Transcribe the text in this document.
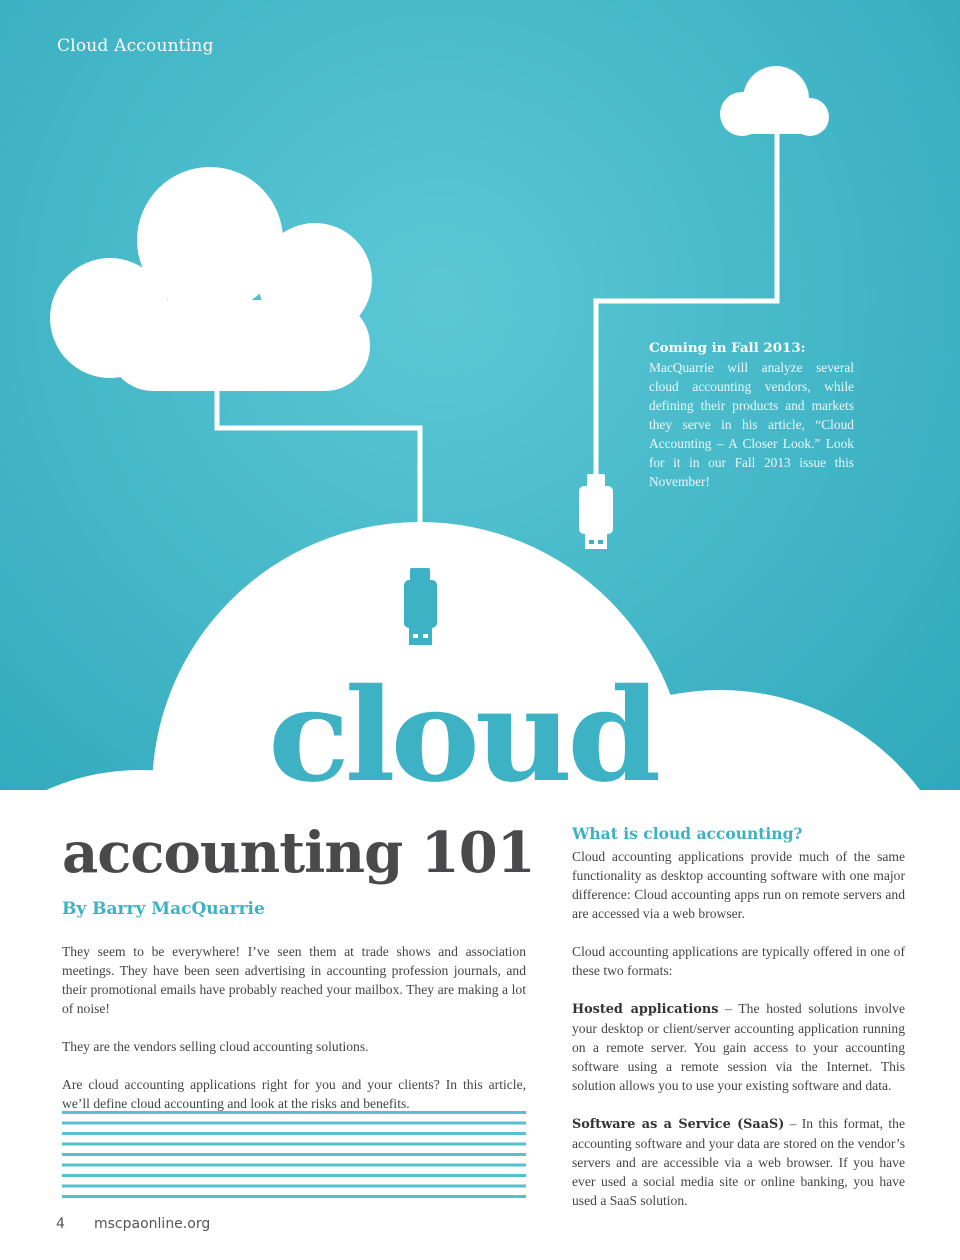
Cloud Accounting
Coming in Fall 2013:
MacQuarrie will analyze several cloud accounting vendors, while defining their products and markets they serve in his article, “Cloud Accounting – A Closer Look.” Look for it in our Fall 2013 issue this November!
cloud
accounting 101
By Barry MacQuarrie

They seem to be everywhere! I’ve seen them at trade shows and association meetings. They have been seen advertising in accounting profession journals, and their promotional emails have probably reached your mailbox. They are making a lot of noise!

They are the vendors selling cloud accounting solutions.

Are cloud accounting applications right for you and your clients? In this article, we’ll define cloud accounting and look at the risks and benefits.

What is cloud accounting?

Cloud accounting applications provide much of the same functionality as desktop accounting software with one major difference: Cloud accounting apps run on remote servers and are accessed via a web browser.

Cloud accounting applications are typically offered in one of these two formats:

Hosted applications – The hosted solutions involve your desktop or client/server accounting application running on a remote server. You gain access to your accounting software using a remote session via the Internet. This solution allows you to use your existing software and data.

Software as a Service (SaaS) – In this format, the accounting software and your data are stored on the vendor’s servers and are accessible via a web browser. If you have ever used a social media site or online banking, you have used a SaaS solution.

4 mscpaonline.org
